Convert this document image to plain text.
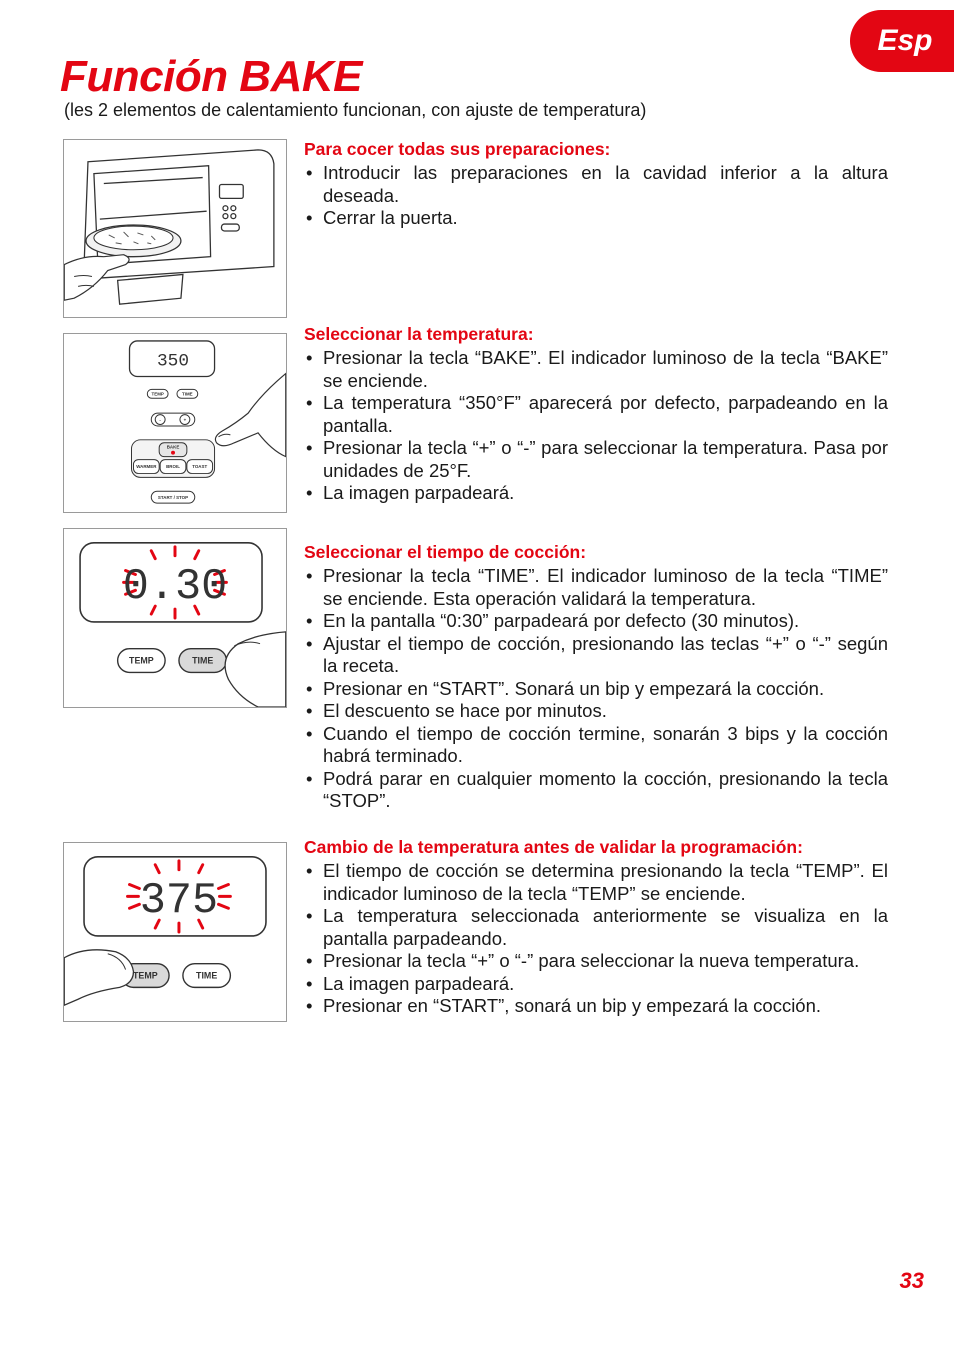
Esp
Función BAKE

(les 2 elementos de calentamiento funcionan, con ajuste de temperatura)

350
TEMP	TIME
-	+
BAKE
WARMER BROIL	TOAST
START / STOP
0.30
TEMP	TIME
375
TEMP	TIME
Para cocer todas sus preparaciones:
• Introducir las preparaciones en la cavidad inferior a la altura deseada.
• Cerrar la puerta.
Seleccionar la temperatura:
• Presionar la tecla “BAKE”. El indicador luminoso de la tecla “BAKE” se enciende.
• La temperatura “350°F” aparecerá por defecto, parpadeando en la pantalla.
• Presionar la tecla “+” o “-” para seleccionar la temperatura. Pasa por unidades de 25°F.
• La imagen parpadeará.
Seleccionar el tiempo de cocción:
• Presionar la tecla “TIME”. El indicador luminoso de la tecla “TIME” se enciende. Esta operación validará la temperatura.
• En la pantalla “0:30” parpadeará por defecto (30 minutos).
• Ajustar el tiempo de cocción, presionando las teclas “+” o “-” según la receta.
• Presionar en “START”. Sonará un bip y empezará la cocción.
• El descuento se hace por minutos.
• Cuando el tiempo de cocción termine, sonarán 3 bips y la cocción habrá terminado.
• Podrá parar en cualquier momento la cocción, presionando la tecla “STOP”.
Cambio de la temperatura antes de validar la programación:
• El tiempo de cocción se determina presionando la tecla “TEMP”. El indicador luminoso de la tecla “TEMP” se enciende.
• La temperatura seleccionada anteriormente se visualiza en la pantalla parpadeando.
• Presionar la tecla “+” o “-” para seleccionar la nueva temperatura.
• La imagen parpadeará.
• Presionar en “START”, sonará un bip y empezará la cocción.
33
